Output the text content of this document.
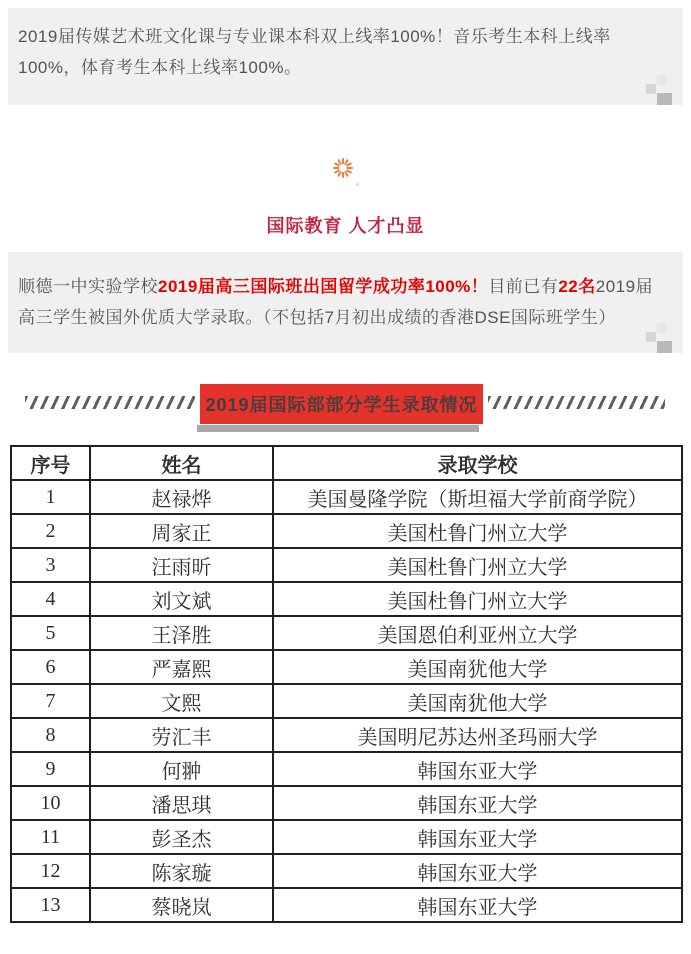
2019届传媒艺术班文化课与专业课本科双上线率100%！音乐考生本科上线率100%，体育考生本科上线率100%。
国际教育 人才凸显
顺德一中实验学校2019届高三国际班出国留学成功率100%！目前已有22名2019届高三学生被国外优质大学录取。（不包括7月初出成绩的香港DSE国际班学生）
2019届国际部部分学生录取情况
序号	姓名	录取学校
1	赵禄烨	美国曼隆学院（斯坦福大学前商学院）
2	周家正	美国杜鲁门州立大学
3	汪雨昕	美国杜鲁门州立大学
4	刘文斌	美国杜鲁门州立大学
5	王泽胜	美国恩伯利亚州立大学
6	严嘉熙	美国南犹他大学
7	文熙	美国南犹他大学
8	劳汇丰	美国明尼苏达州圣玛丽大学
9	何翀	韩国东亚大学
10	潘思琪	韩国东亚大学
11	彭圣杰	韩国东亚大学
12	陈家璇	韩国东亚大学
13	蔡晓岚	韩国东亚大学
